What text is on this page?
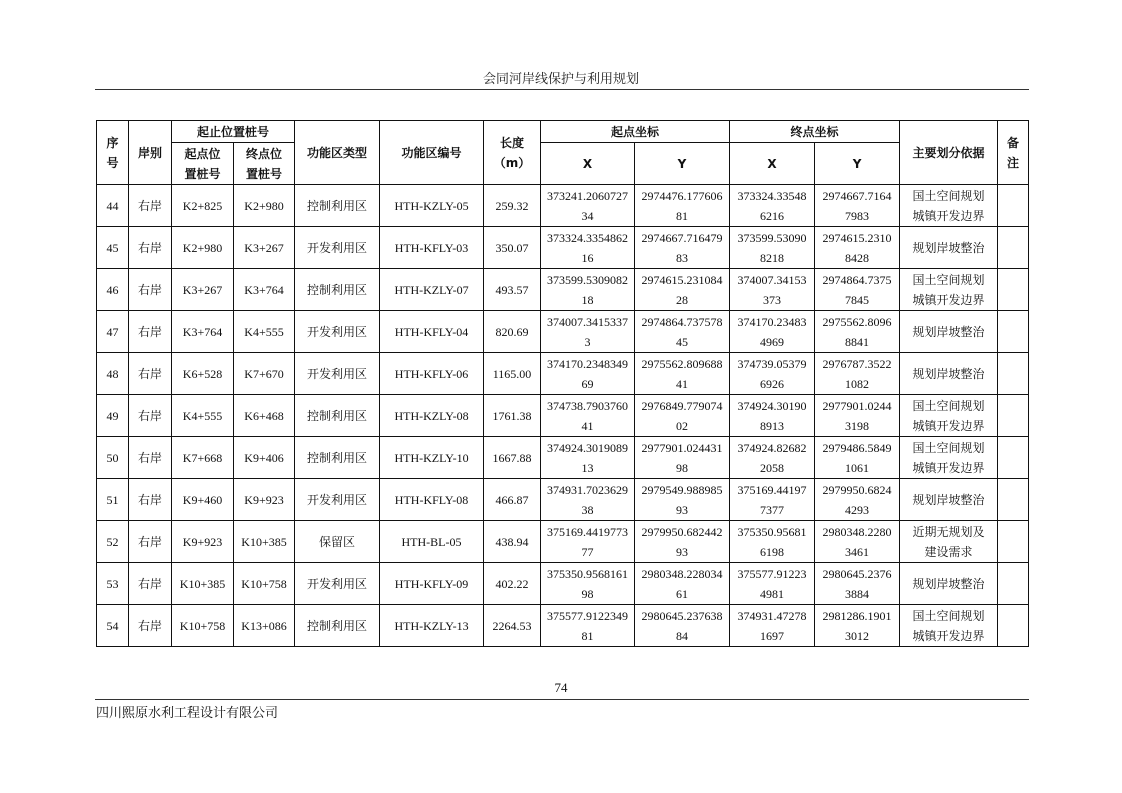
会同河岸线保护与利用规划
序号	岸别	起止位置桩号		功能区类型	功能区编号	长度（m）	起点坐标		终点坐标		主要划分依据	备注
		起点位置桩号	终点位置桩号				X	Y	X	Y		
44	右岸	K2+825	K2+980	控制利用区	HTH-KZLY-05	259.32	373241.206072734	2974476.17760681	373324.335486216	2974667.71647983	国土空间规划城镇开发边界	
45	右岸	K2+980	K3+267	开发利用区	HTH-KFLY-03	350.07	373324.335486216	2974667.71647983	373599.530908218	2974615.23108428	规划岸坡整治	
46	右岸	K3+267	K3+764	控制利用区	HTH-KZLY-07	493.57	373599.530908218	2974615.23108428	374007.34153373	2974864.73757845	国土空间规划城镇开发边界	
47	右岸	K3+764	K4+555	开发利用区	HTH-KFLY-04	820.69	374007.34153373	2974864.73757845	374170.234834969	2975562.80968841	规划岸坡整治	
48	右岸	K6+528	K7+670	开发利用区	HTH-KFLY-06	1165.00	374170.234834969	2975562.80968841	374739.053796926	2976787.35221082	规划岸坡整治	
49	右岸	K4+555	K6+468	控制利用区	HTH-KZLY-08	1761.38	374738.790376041	2976849.77907402	374924.301908913	2977901.02443198	国土空间规划城镇开发边界	
50	右岸	K7+668	K9+406	控制利用区	HTH-KZLY-10	1667.88	374924.301908913	2977901.02443198	374924.826822058	2979486.58491061	国土空间规划城镇开发边界	
51	右岸	K9+460	K9+923	开发利用区	HTH-KFLY-08	466.87	374931.702362938	2979549.98898593	375169.441977377	2979950.68244293	规划岸坡整治	
52	右岸	K9+923	K10+385	保留区	HTH-BL-05	438.94	375169.441977377	2979950.68244293	375350.956816198	2980348.22803461	近期无规划及建设需求	
53	右岸	K10+385	K10+758	开发利用区	HTH-KFLY-09	402.22	375350.956816198	2980348.22803461	375577.912234981	2980645.23763884	规划岸坡整治	
54	右岸	K10+758	K13+086	控制利用区	HTH-KZLY-13	2264.53	375577.912234981	2980645.23763884	374931.472781697	2981286.19013012	国土空间规划城镇开发边界	
74
四川熙原水利工程设计有限公司
